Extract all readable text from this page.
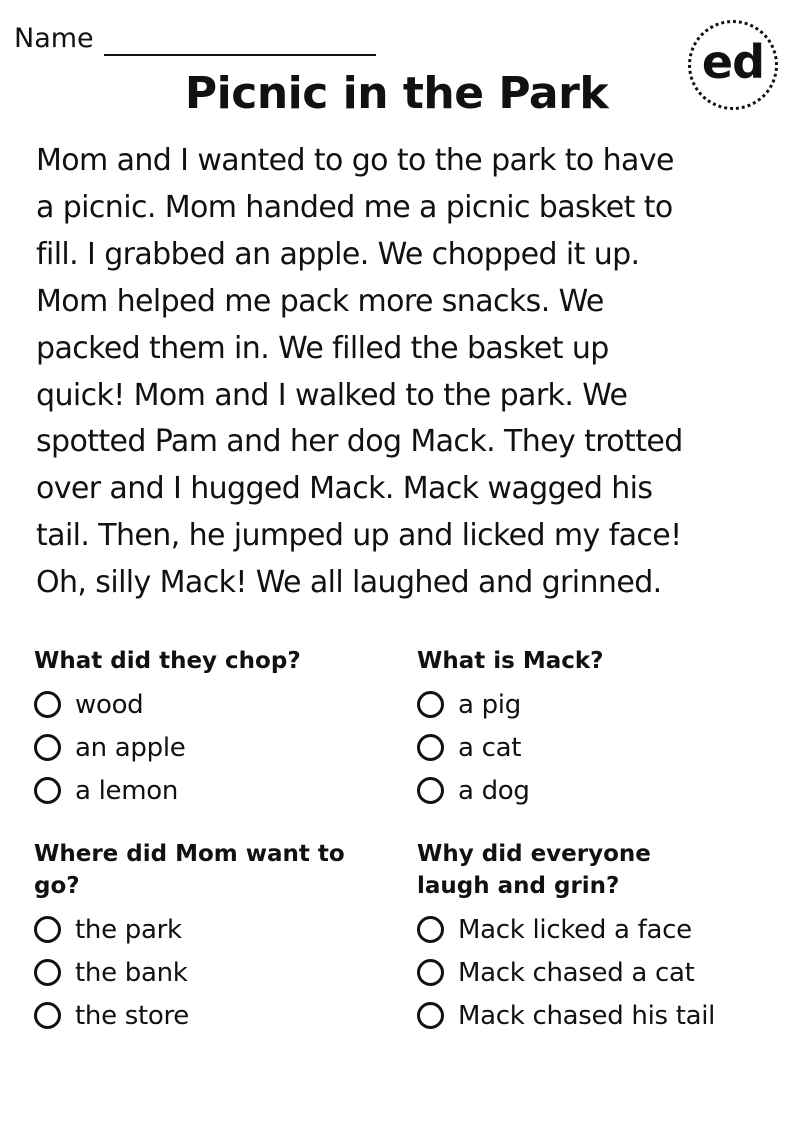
Name	ed
Picnic in the Park
Mom and I wanted to go to the park to have
a picnic. Mom handed me a picnic basket to
fill. I grabbed an apple. We chopped it up.
Mom helped me pack more snacks. We
packed them in. We filled the basket up
quick! Mom and I walked to the park. We
spotted Pam and her dog Mack. They trotted
over and I hugged Mack. Mack wagged his
tail. Then, he jumped up and licked my face!
Oh, silly Mack! We all laughed and grinned.
What did they chop?
wood
an apple
a lemon
What is Mack?
a pig
a cat
a dog
Where did Mom want to go?
the park
the bank
the store
Why did everyone laugh and grin?
Mack licked a face
Mack chased a cat
Mack chased his tail
